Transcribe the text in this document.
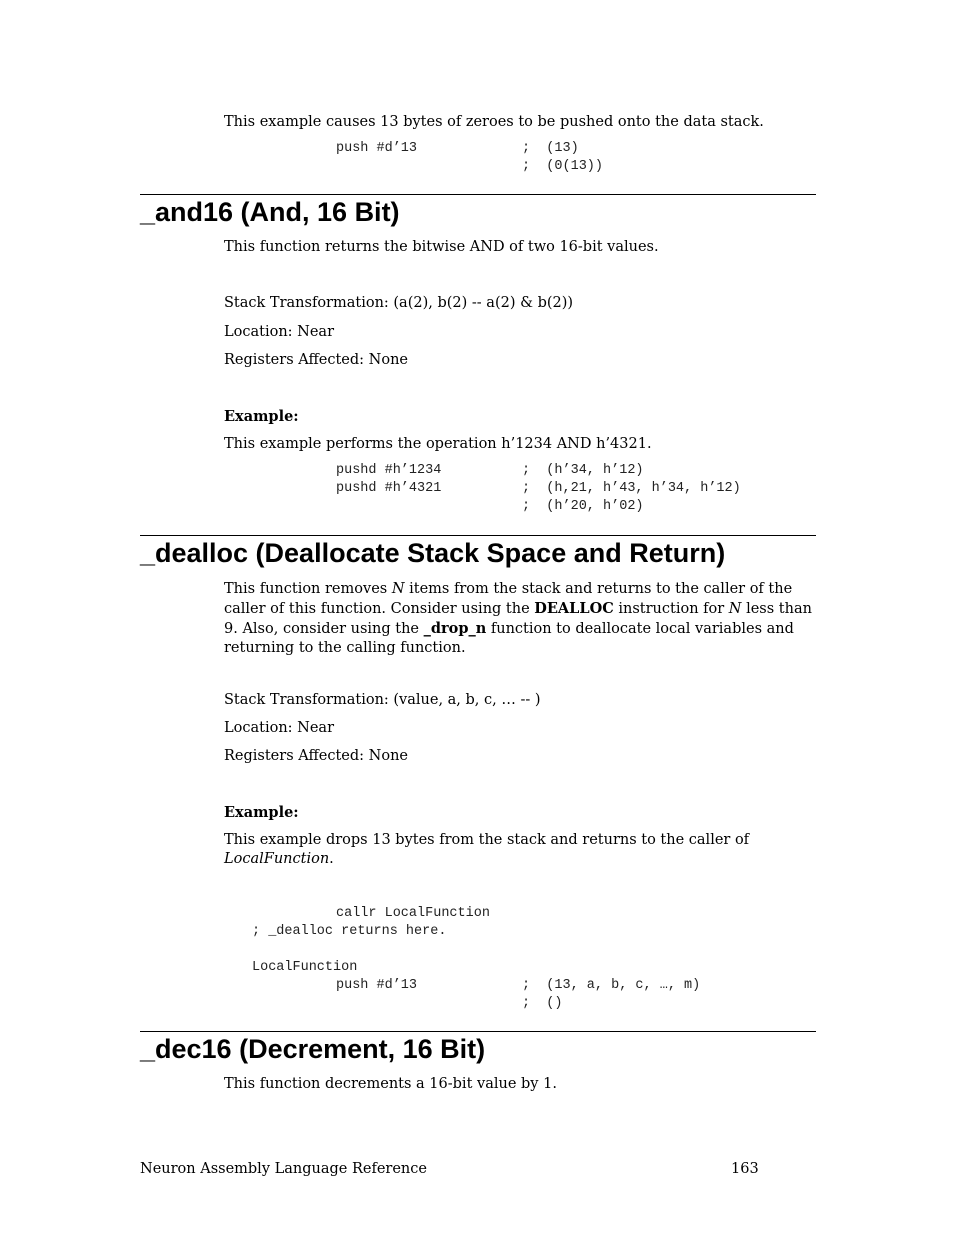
This example causes 13 bytes of zeroes to be pushed onto the data stack.
push #d’13	;  (13)
;  (0(13))
_and16 (And, 16 Bit)
This function returns the bitwise AND of two 16-bit values.
Stack Transformation: (a(2), b(2) -- a(2) & b(2))
Location: Near
Registers Affected: None
Example:
This example performs the operation h’1234 AND h’4321.
pushd #h’1234	;  (h’34, h’12)
pushd #h’4321	;  (h,21, h’43, h’34, h’12)
;  (h’20, h’02)
_dealloc (Deallocate Stack Space and Return)
This function removes N items from the stack and returns to the caller of the caller of this function. Consider using the DEALLOC instruction for N less than 9. Also, consider using the _drop_n function to deallocate local variables and returning to the calling function.
Stack Transformation: (value, a, b, c, … -- )
Location: Near
Registers Affected: None
Example:
This example drops 13 bytes from the stack and returns to the caller of LocalFunction.
callr LocalFunction
; _dealloc returns here.
LocalFunction
push #d’13	;  (13, a, b, c, …, m)
;  ()
_dec16 (Decrement, 16 Bit)
This function decrements a 16-bit value by 1.
Neuron Assembly Language Reference	163
